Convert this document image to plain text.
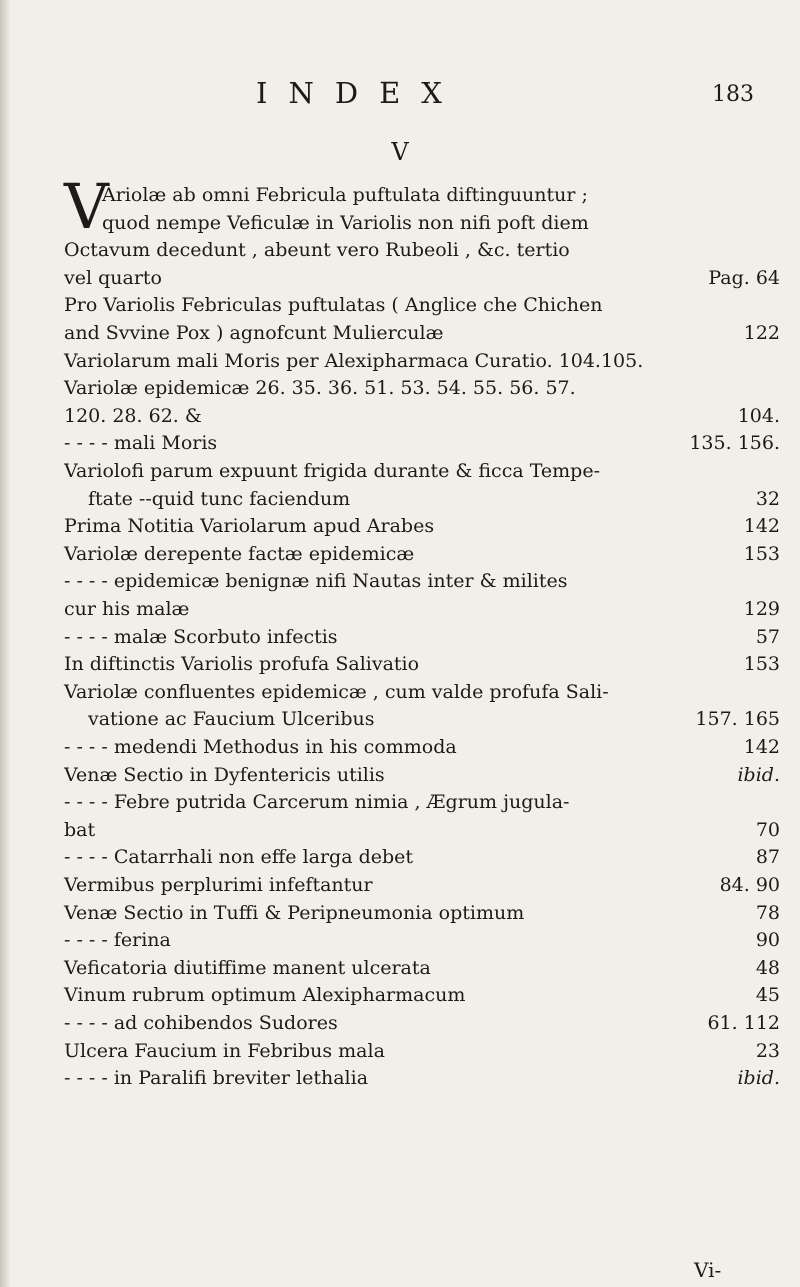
INDEX	183
V
V
Ariolæ ab omni Febricula puftulata diftinguuntur ;
quod nempe Veficulæ in Variolis non nifi poft diem
Octavum decedunt , abeunt vero Rubeoli , &c. tertio
vel quarto	Pag. 64
Pro Variolis Febriculas puftulatas ( Anglice che Chichen
and Svvine Pox ) agnofcunt Mulierculæ	122
Variolarum mali Moris per Alexipharmaca Curatio. 104.105.
Variolæ epidemicæ 26. 35. 36. 51. 53. 54. 55. 56. 57.
120. 28. 62. &	104.
- - - - mali Moris	135. 156.
Variolofi parum expuunt frigida durante & ficca Tempe-
ftate --quid tunc faciendum	32
Prima Notitia Variolarum apud Arabes	142
Variolæ derepente factæ epidemicæ	153
- - - - epidemicæ benignæ nifi Nautas inter & milites
cur his malæ	129
- - - - malæ Scorbuto infectis	57
In diftinctis Variolis profufa Salivatio	153
Variolæ confluentes epidemicæ , cum valde profufa Sali-
vatione ac Faucium Ulceribus	157. 165
- - - - medendi Methodus in his commoda	142
Venæ Sectio in Dyfentericis utilis	ibid.
- - - - Febre putrida Carcerum nimia , Ægrum jugula-
bat	70
- - - - Catarrhali non effe larga debet	87
Vermibus perplurimi infeftantur	84. 90
Venæ Sectio in Tuffi & Peripneumonia optimum	78
- - - - ferina	90
Veficatoria diutiffime manent ulcerata	48
Vinum rubrum optimum Alexipharmacum	45
- - - - ad cohibendos Sudores	61. 112
Ulcera Faucium in Febribus mala	23
- - - - in Paralifi breviter lethalia	ibid.
Vi-
